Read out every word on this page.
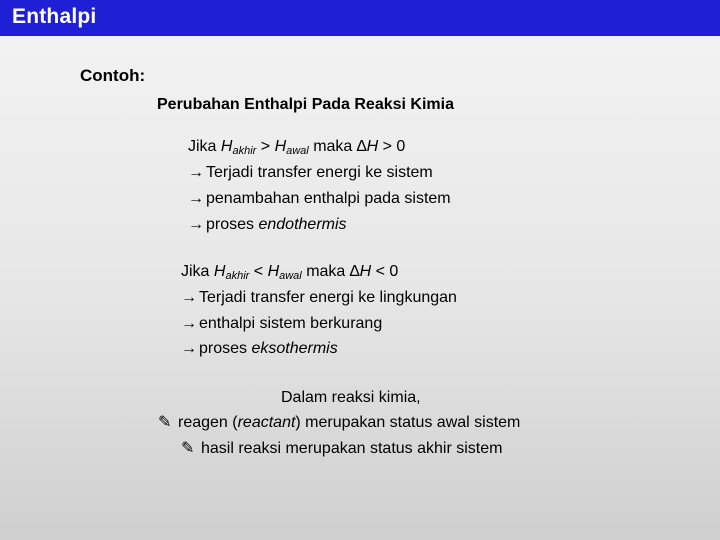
Enthalpi
Contoh:
Perubahan Enthalpi Pada Reaksi Kimia
Jika $H_{akhir} > H_{awal}$ maka ∆H > 0
→ Terjadi transfer energi ke sistem
→ penambahan enthalpi pada sistem
→ proses endothermis
Jika $H_{akhir} < H_{awal}$ maka ∆H < 0
→ Terjadi transfer energi ke lingkungan
→ enthalpi sistem berkurang
→ proses eksothermis
Dalam reaksi kimia,
✎ reagen (reactant) merupakan status awal sistem
✎ hasil reaksi merupakan status akhir sistem
